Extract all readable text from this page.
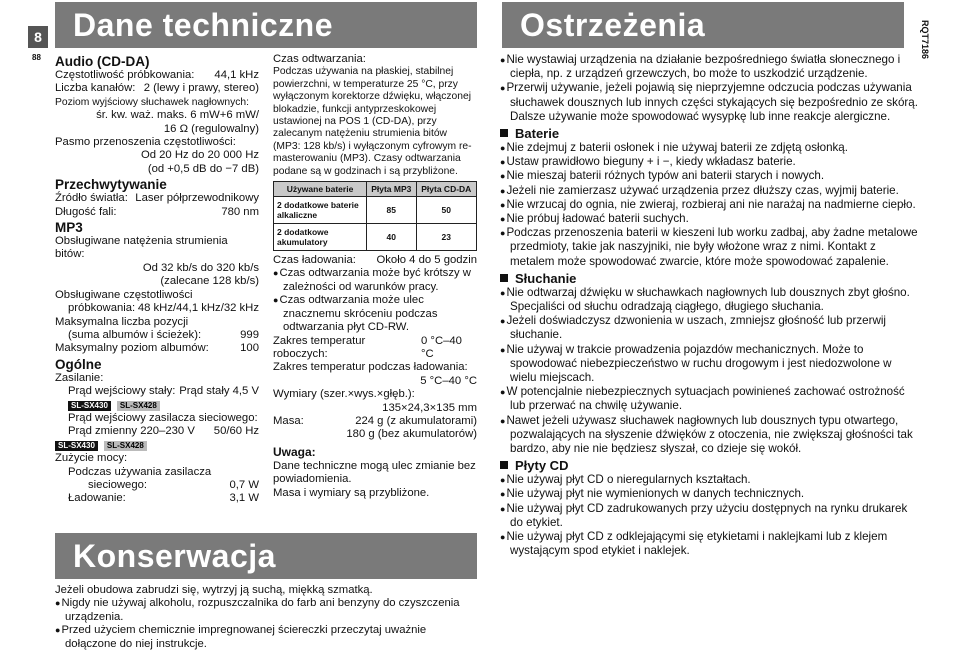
8
88	RQT7186
Dane techniczne	Ostrzeżenia
Konserwacja
Audio (CD-DA)
Częstotliwość próbkowania: 44,1 kHz
Liczba kanałów: 2 (lewy i prawy, stereo)
Poziom wyjściowy słuchawek nagłownych:
śr. kw. waż. maks. 6 mW+6 mW/
16 Ω (regulowalny)
Pasmo przenoszenia częstotliwości:
Od 20 Hz do 20 000 Hz
(od +0,5 dB do −7 dB)
Przechwytywanie
Źródło światła: Laser półprzewodnikowy
Długość fali:	780 nm
MP3
Obsługiwane natężenia strumienia bitów:
Od 32 kb/s do 320 kb/s
(zalecane 128 kb/s)
Obsługiwane częstotliwości
próbkowania: 48 kHz/44,1 kHz/32 kHz
Maksymalna liczba pozycji
(suma albumów i ścieżek):	999
Maksymalny poziom albumów:	100
Ogólne
Zasilanie:
Prąd wejściowy stały: Prąd stały 4,5 V
SL-SX430 SL-SX428
Prąd wejściowy zasilacza sieciowego:
Prąd zmienny 220–230 V 50/60 Hz
SL-SX430 SL-SX428
Zużycie mocy:
Podczas używania zasilacza
sieciowego:	0,7 W
Ładowanie:	3,1 W
Czas odtwarzania:
Podczas używania na płaskiej, stabilnej powierzchni, w temperaturze 25 °C, przy wyłączonym korektorze dźwięku, włączonej blokadzie, funkcji antyprzeskokowej ustawionej na POS 1 (CD-DA), przy zalecanym natężeniu strumienia bitów (MP3: 128 kb/s) i wyłączonym cyfrowym re-masterowaniu (MP3). Czasy odtwarzania podane są w godzinach i są przybliżone.
Używane baterie	Płyta MP3	Płyta CD-DA
2 dodatkowe baterie alkaliczne	85	50
2 dodatkowe akumulatory	40	23
Czas ładowania: Około 4 do 5 godzin
● Czas odtwarzania może być krótszy w zależności od warunków pracy.
● Czas odtwarzania może ulec znacznemu skróceniu podczas odtwarzania płyt CD-RW.
Zakres temperatur roboczych:
0 °C–40 °C
Zakres temperatur podczas ładowania:
5 °C–40 °C
Wymiary (szer.×wys.×głęb.):
135×24,3×135 mm
Masa:	224 g (z akumulatorami)
180 g (bez akumulatorów)
Uwaga:
Dane techniczne mogą ulec zmianie bez powiadomienia.
Masa i wymiary są przybliżone.
Jeżeli obudowa zabrudzi się, wytrzyj ją suchą, miękką szmatką.
● Nigdy nie używaj alkoholu, rozpuszczalnika do farb ani benzyny do czyszczenia urządzenia.
● Przed użyciem chemicznie impregnowanej ściereczki przeczytaj uważnie dołączone do niej instrukcje.
● Nie wystawiaj urządzenia na działanie bezpośredniego światła słonecznego i ciepła, np. z urządzeń grzewczych, bo może to uszkodzić urządzenie.
● Przerwij używanie, jeżeli pojawią się nieprzyjemne odczucia podczas używania słuchawek dousznych lub innych części stykających się bezpośrednio ze skórą. Dalsze używanie może spowodować wysypkę lub inne reakcje alergiczne.
Baterie
● Nie zdejmuj z baterii osłonek i nie używaj baterii ze zdjętą osłonką.
● Ustaw prawidłowo bieguny + i −, kiedy wkładasz baterie.
● Nie mieszaj baterii różnych typów ani baterii starych i nowych.
● Jeżeli nie zamierzasz używać urządzenia przez dłuższy czas, wyjmij baterie.
● Nie wrzucaj do ognia, nie zwieraj, rozbieraj ani nie narażaj na nadmierne ciepło.
● Nie próbuj ładować baterii suchych.
● Podczas przenoszenia baterii w kieszeni lub worku zadbaj, aby żadne metalowe przedmioty, takie jak naszyjniki, nie były włożone wraz z nimi. Kontakt z metalem może spowodować zwarcie, które może spowodować zapalenie.
Słuchanie
● Nie odtwarzaj dźwięku w słuchawkach nagłownych lub dousznych zbyt głośno. Specjaliści od słuchu odradzają ciągłego, długiego słuchania.
● Jeżeli doświadczysz dzwonienia w uszach, zmniejsz głośność lub przerwij słuchanie.
● Nie używaj w trakcie prowadzenia pojazdów mechanicznych. Może to spowodować niebezpieczeństwo w ruchu drogowym i jest niedozwolone w wielu miejscach.
● W potencjalnie niebezpiecznych sytuacjach powinieneś zachować ostrożność lub przerwać na chwilę używanie.
● Nawet jeżeli używasz słuchawek nagłownych lub dousznych typu otwartego, pozwalających na słyszenie dźwięków z otoczenia, nie zwiększaj głośności tak bardzo, aby nie nie będziesz słyszał, co dzieje się wokół.
Płyty CD
● Nie używaj płyt CD o nieregularnych kształtach.
● Nie używaj płyt nie wymienionych w danych technicznych.
● Nie używaj płyt CD zadrukowanych przy użyciu dostępnych na rynku drukarek do etykiet.
● Nie używaj płyt CD z odklejającymi się etykietami i naklejkami lub z klejem wystającym spod etykiet i naklejek.
